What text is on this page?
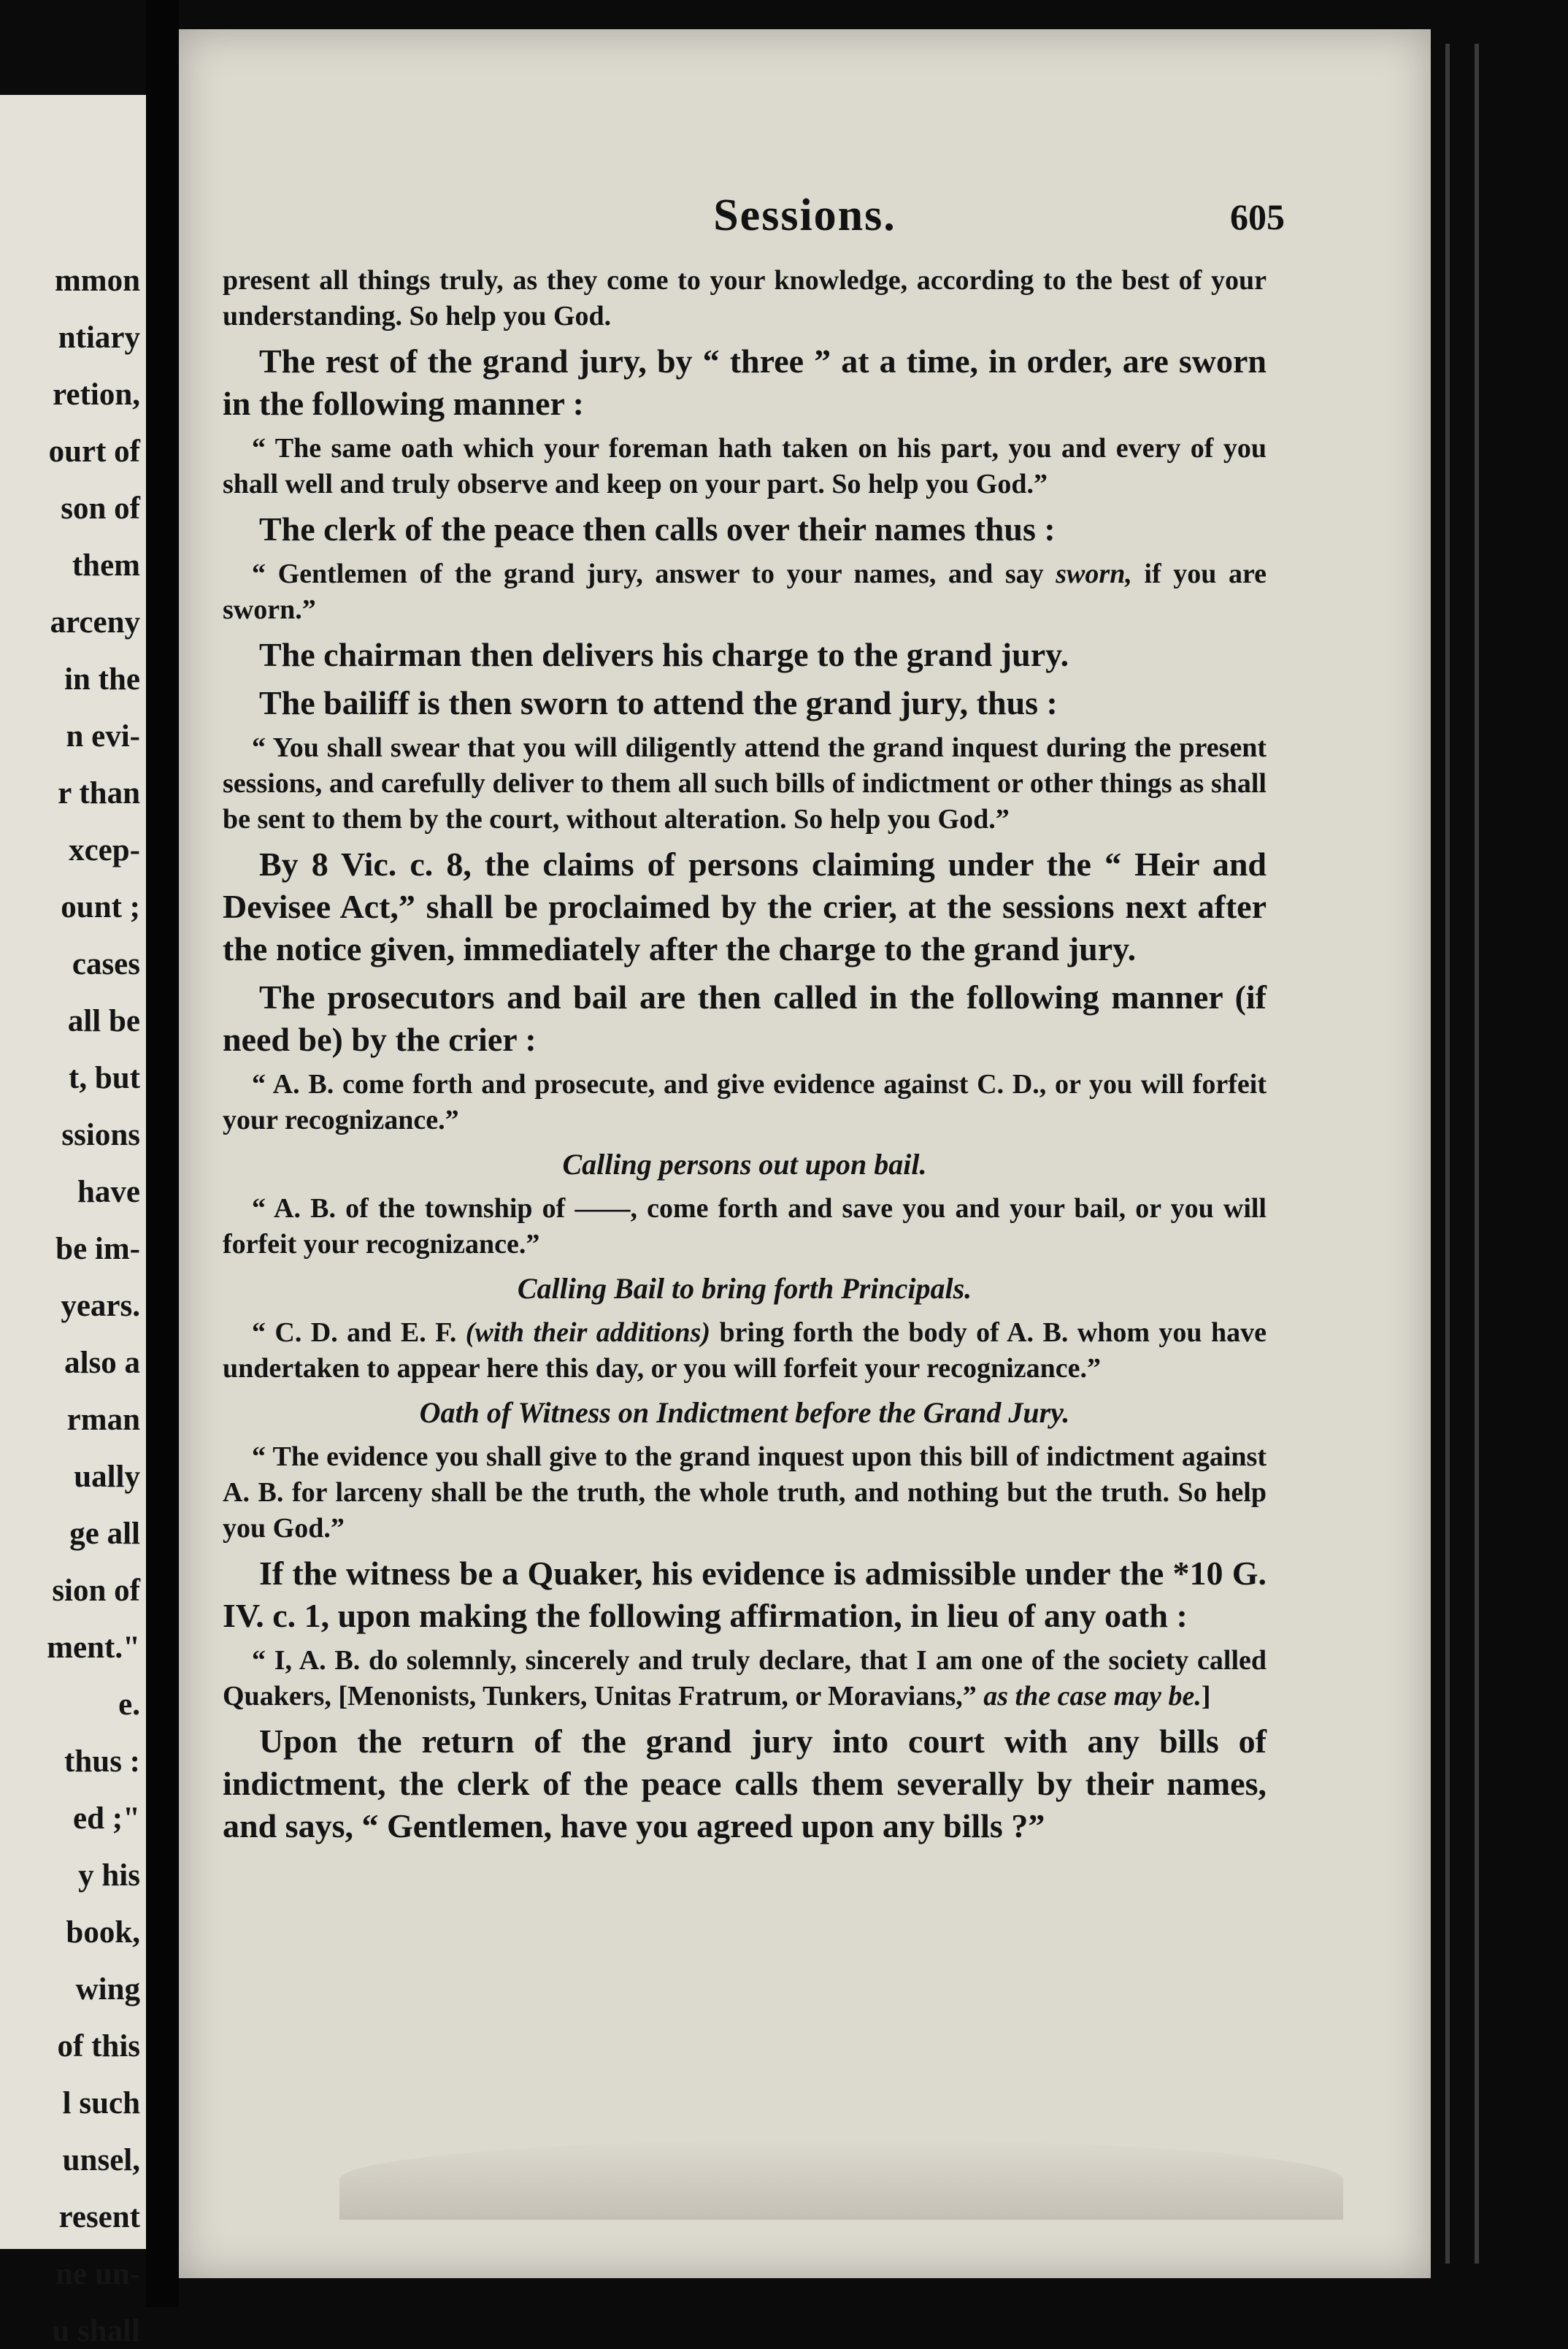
mmon
ntiary
retion,
ourt of
son of
them
arceny
in the
n evi-
r than
xcep-
ount ;
cases
all be
t, but
ssions
have
be im-
years.
also a
rman
ually
ge all
sion of
ment."
e.
thus :
ed ;"
y his
book,
wing
of this
l such
unsel,
resent
ne un-
u shall
Sessions.	605

present all things truly, as they come to your knowledge, according to the best of your understanding. So help you God.

The rest of the grand jury, by “ three ” at a time, in order, are sworn in the following manner :

“ The same oath which your foreman hath taken on his part, you and every of you shall well and truly observe and keep on your part. So help you God.”

The clerk of the peace then calls over their names thus :

“ Gentlemen of the grand jury, answer to your names, and say sworn, if you are sworn.”

The chairman then delivers his charge to the grand jury.

The bailiff is then sworn to attend the grand jury, thus :

“ You shall swear that you will diligently attend the grand inquest during the present sessions, and carefully deliver to them all such bills of indictment or other things as shall be sent to them by the court, without alteration. So help you God.”

By 8 Vic. c. 8, the claims of persons claiming under the “ Heir and Devisee Act,” shall be proclaimed by the crier, at the sessions next after the notice given, immediately after the charge to the grand jury.

The prosecutors and bail are then called in the following manner (if need be) by the crier :

“ A. B. come forth and prosecute, and give evidence against C. D., or you will forfeit your recognizance.”

Calling persons out upon bail.

“ A. B. of the township of ——, come forth and save you and your bail, or you will forfeit your recognizance.”

Calling Bail to bring forth Principals.

“ C. D. and E. F. (with their additions) bring forth the body of A. B. whom you have undertaken to appear here this day, or you will forfeit your recognizance.”

Oath of Witness on Indictment before the Grand Jury.

“ The evidence you shall give to the grand inquest upon this bill of indictment against A. B. for larceny shall be the truth, the whole truth, and nothing but the truth. So help you God.”

If the witness be a Quaker, his evidence is admissible under the *10 G. IV. c. 1, upon making the following affirmation, in lieu of any oath :

“ I, A. B. do solemnly, sincerely and truly declare, that I am one of the society called Quakers, [Menonists, Tunkers, Unitas Fratrum, or Moravians,” as the case may be.]

Upon the return of the grand jury into court with any bills of indictment, the clerk of the peace calls them severally by their names, and says, “ Gentlemen, have you agreed upon any bills ?”
